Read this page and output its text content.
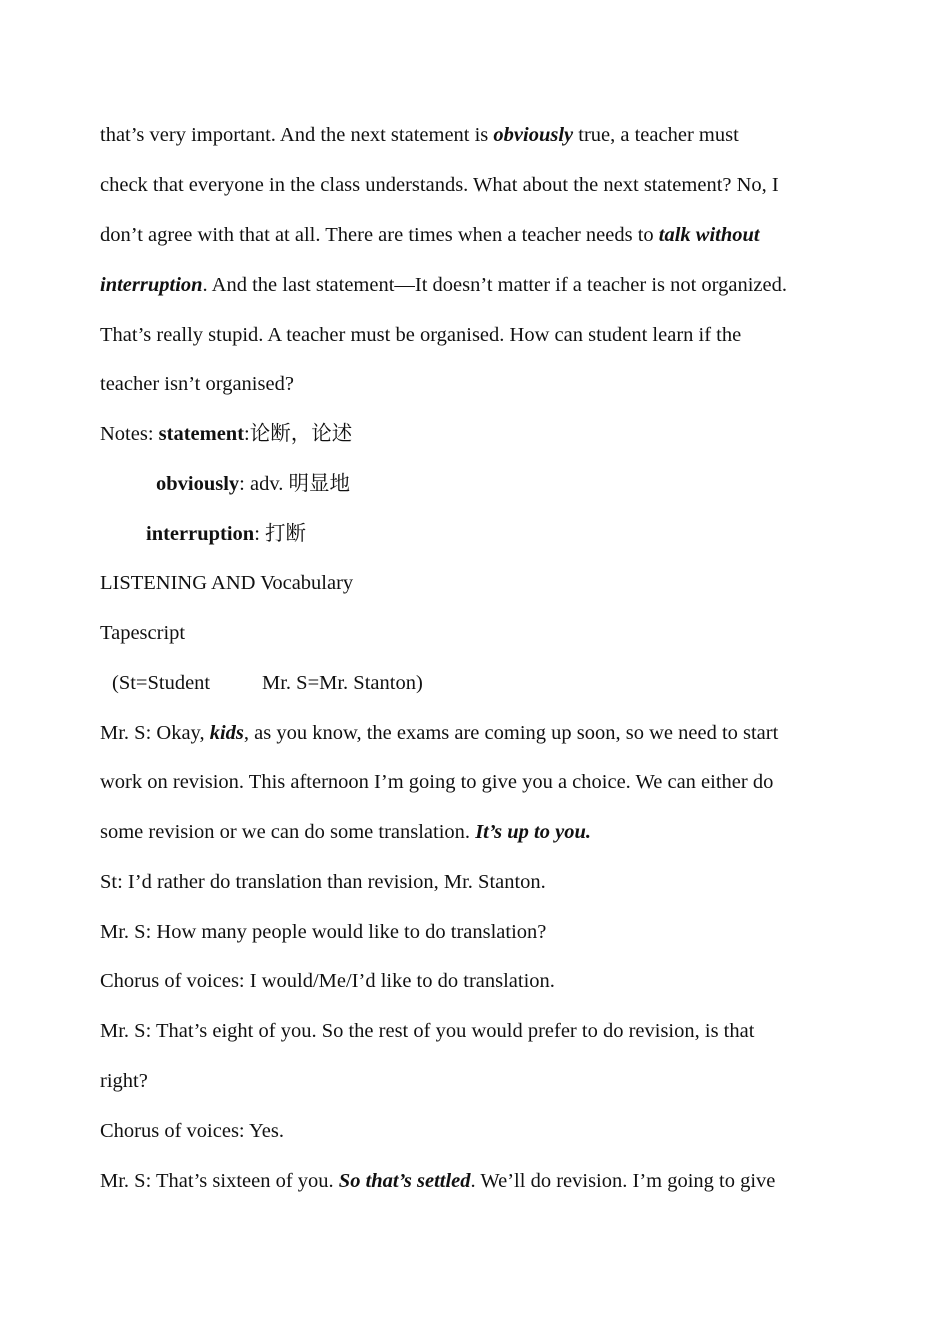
that’s very important. And the next statement is obviously true, a teacher must
check that everyone in the class understands. What about the next statement? No, I
don’t agree with that at all. There are times when a teacher needs to talk without
interruption. And the last statement—It doesn’t matter if a teacher is not organized.
That’s really stupid. A teacher must be organised. How can student learn if the
teacher isn’t organised?
Notes: statement:论断，论述
obviously: adv. 明显地
interruption: 打断
LISTENING AND Vocabulary
Tapescript
(St=Student	Mr. S=Mr. Stanton)
Mr. S: Okay, kids, as you know, the exams are coming up soon, so we need to start
work on revision. This afternoon I’m going to give you a choice. We can either do
some revision or we can do some translation. It’s up to you.
St: I’d rather do translation than revision, Mr. Stanton.
Mr. S: How many people would like to do translation?
Chorus of voices: I would/Me/I’d like to do translation.
Mr. S: That’s eight of you. So the rest of you would prefer to do revision, is that
right?
Chorus of voices: Yes.
Mr. S: That’s sixteen of you. So that’s settled. We’ll do revision. I’m going to give
